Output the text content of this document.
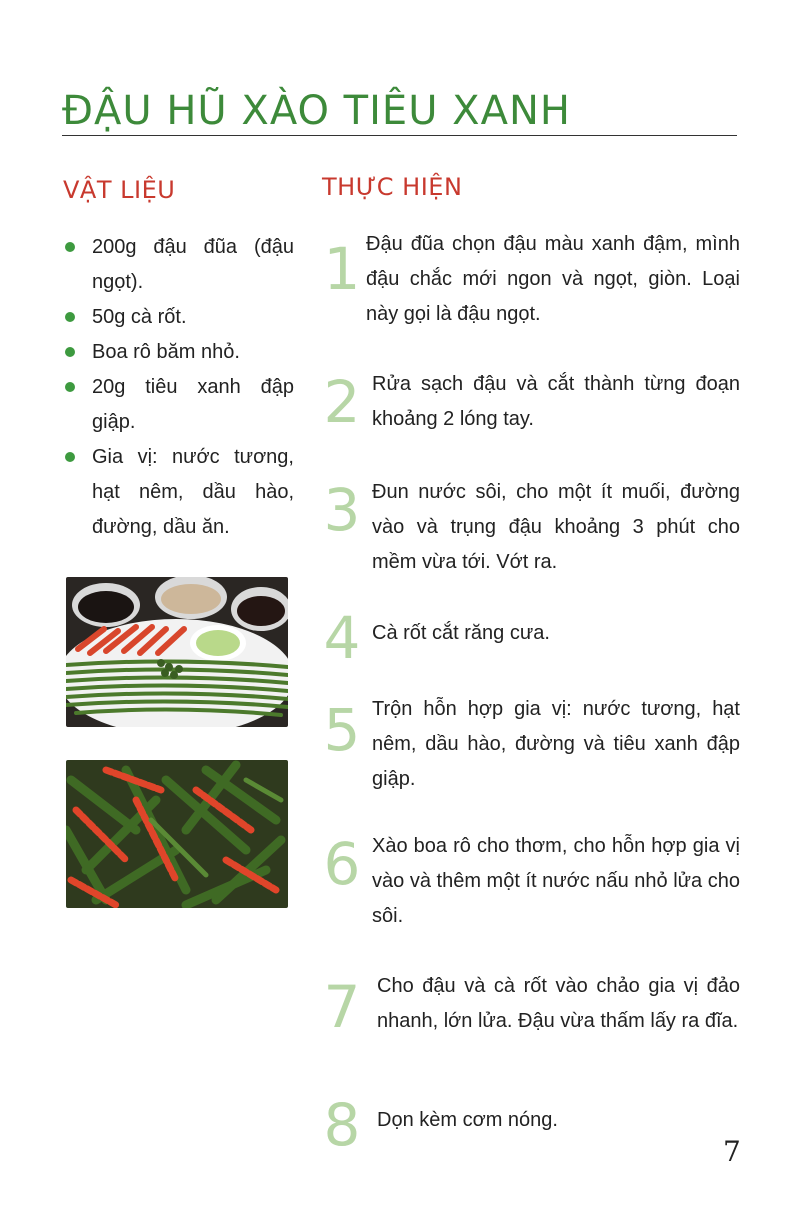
ĐẬU HŨ XÀO TIÊU XANH
VẬT LIỆU	THỰC HIỆN
200g đậu đũa (đậu ngọt).
50g cà rốt.
Boa rô băm nhỏ.
20g tiêu xanh đập giập.
Gia vị: nước tương, hạt nêm, dầu hào, đường, dầu ăn.
1 Đậu đũa chọn đậu màu xanh đậm, mình đậu chắc mới ngon và ngọt, giòn. Loại này gọi là đậu ngọt.
2 Rửa sạch đậu và cắt thành từng đoạn khoảng 2 lóng tay.
3 Đun nước sôi, cho một ít muối, đường vào và trụng đậu khoảng 3 phút cho mềm vừa tới. Vớt ra.
4 Cà rốt cắt răng cưa.
5 Trộn hỗn hợp gia vị: nước tương, hạt nêm, dầu hào, đường và tiêu xanh đập giập.
6 Xào boa rô cho thơm, cho hỗn hợp gia vị vào và thêm một ít nước nấu nhỏ lửa cho sôi.
7 Cho đậu và cà rốt vào chảo gia vị đảo nhanh, lớn lửa. Đậu vừa thấm lấy ra đĩa.
8 Dọn kèm cơm nóng.
7
